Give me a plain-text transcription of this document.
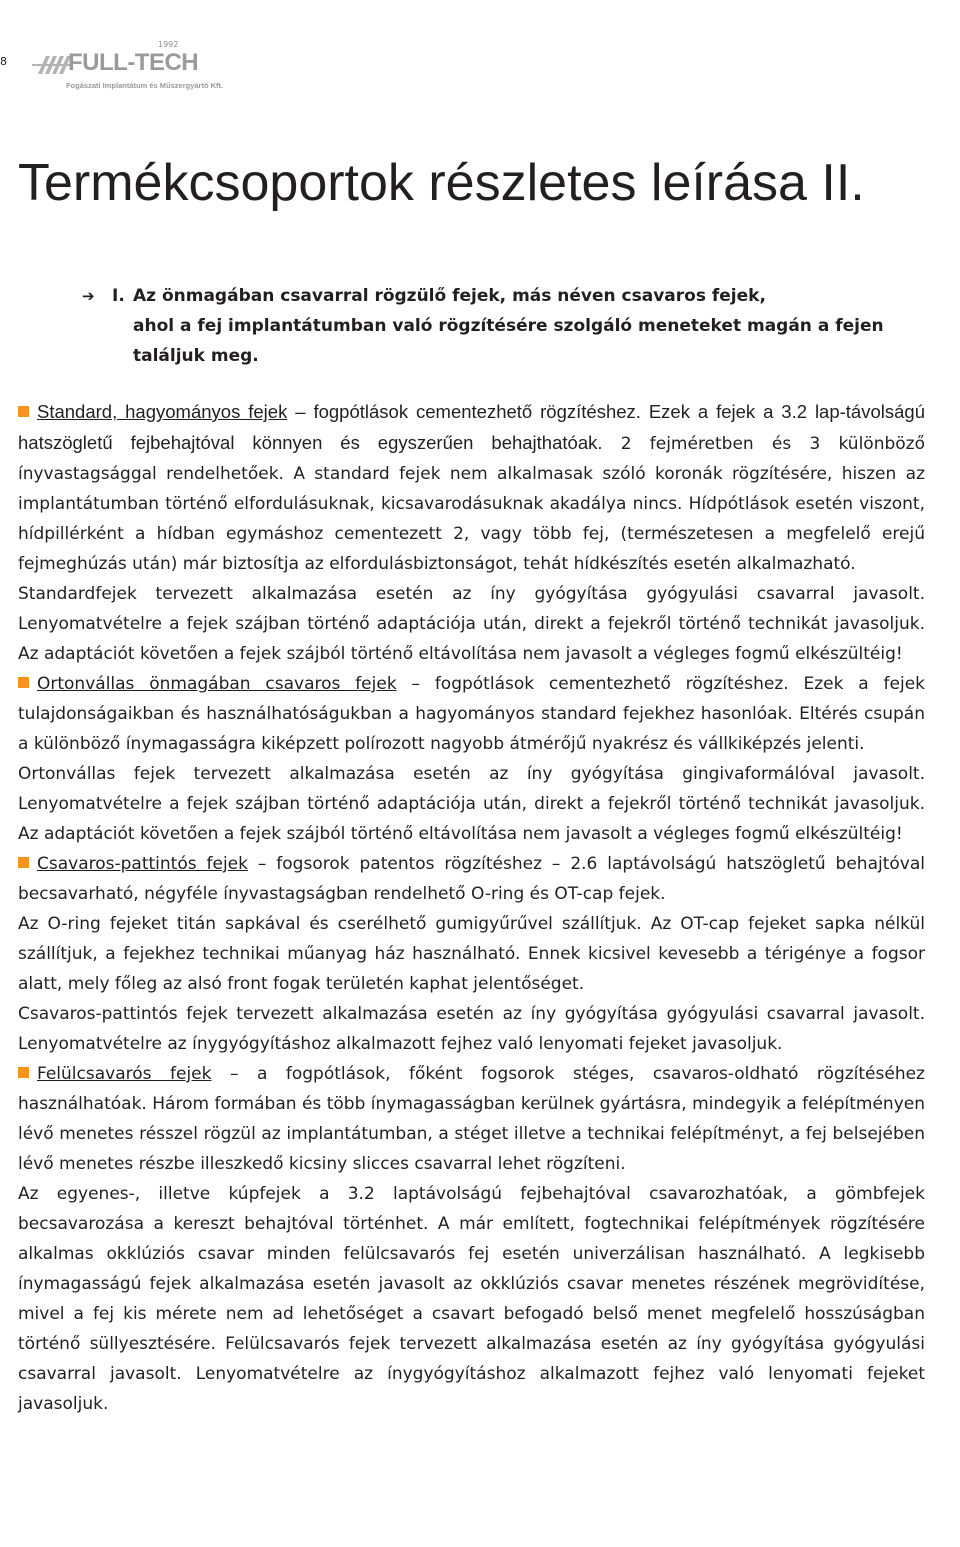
8
1992
FULL-TECH
Fogászati Implantátum és Műszergyártó Kft.
Termékcsoportok részletes leírása II.
➔ I. Az önmagában csavarral rögzülő fejek, más néven csavaros fejek,
ahol a fej implantátumban való rögzítésére szolgáló meneteket magán a fejen
találjuk meg.

Standard, hagyományos fejek – fogpótlások cementezhető rögzítéshez. Ezek a fejek a 3.2 lap-távolságú hatszögletű fejbehajtóval könnyen és egyszerűen behajthatóak. 2 fejméretben és 3 különböző ínyvastagsággal rendelhetőek. A standard fejek nem alkalmasak szóló koronák rögzítésére, hiszen az implantátumban történő elfordulásuknak, kicsavarodásuknak akadálya nincs. Hídpótlások esetén viszont, hídpillérként a hídban egymáshoz cementezett 2, vagy több fej, (természetesen a megfelelő erejű fejmeghúzás után) már biztosítja az elfordulásbiztonságot, tehát hídkészítés esetén alkalmazható.

Standardfejek tervezett alkalmazása esetén az íny gyógyítása gyógyulási csavarral javasolt. Lenyomatvételre a fejek szájban történő adaptációja után, direkt a fejekről történő technikát javasoljuk. Az adaptációt követően a fejek szájból történő eltávolítása nem javasolt a végleges fogmű elkészültéig!

Ortonvállas önmagában csavaros fejek – fogpótlások cementezhető rögzítéshez. Ezek a fejek tulajdonságaikban és használhatóságukban a hagyományos standard fejekhez hasonlóak. Eltérés csupán a különböző ínymagasságra kiképzett polírozott nagyobb átmérőjű nyakrész és vállkiképzés jelenti.

Ortonvállas fejek tervezett alkalmazása esetén az íny gyógyítása gingivaformálóval javasolt. Lenyomatvételre a fejek szájban történő adaptációja után, direkt a fejekről történő technikát javasoljuk. Az adaptációt követően a fejek szájból történő eltávolítása nem javasolt a végleges fogmű elkészültéig!

Csavaros-pattintós fejek – fogsorok patentos rögzítéshez – 2.6 laptávolságú hatszögletű behajtóval becsavarható, négyféle ínyvastagságban rendelhető O-ring és OT-cap fejek.

Az O-ring fejeket titán sapkával és cserélhető gumigyűrűvel szállítjuk. Az OT-cap fejeket sapka nélkül szállítjuk, a fejekhez technikai műanyag ház használható. Ennek kicsivel kevesebb a térigénye a fogsor alatt, mely főleg az alsó front fogak területén kaphat jelentőséget.

Csavaros-pattintós fejek tervezett alkalmazása esetén az íny gyógyítása gyógyulási csavarral javasolt. Lenyomatvételre az ínygyógyításhoz alkalmazott fejhez való lenyomati fejeket javasoljuk.

Felülcsavarós fejek – a fogpótlások, főként fogsorok stéges, csavaros-oldható rögzítéséhez használhatóak. Három formában és több ínymagasságban kerülnek gyártásra, mindegyik a felépítményen lévő menetes résszel rögzül az implantátumban, a stéget illetve a technikai felépítményt, a fej belsejében lévő menetes részbe illeszkedő kicsiny slicces csavarral lehet rögzíteni.

Az egyenes-, illetve kúpfejek a 3.2 laptávolságú fejbehajtóval csavarozhatóak, a gömbfejek becsavarozása a kereszt behajtóval történhet. A már említett, fogtechnikai felépítmények rögzítésére alkalmas okklúziós csavar minden felülcsavarós fej esetén univerzálisan használható. A legkisebb ínymagasságú fejek alkalmazása esetén javasolt az okklúziós csavar menetes részének megrövidítése, mivel a fej kis mérete nem ad lehetőséget a csavart befogadó belső menet megfelelő hosszúságban történő süllyesztésére. Felülcsavarós fejek tervezett alkalmazása esetén az íny gyógyítása gyógyulási csavarral javasolt. Lenyomatvételre az ínygyógyításhoz alkalmazott fejhez való lenyomati fejeket javasoljuk.
